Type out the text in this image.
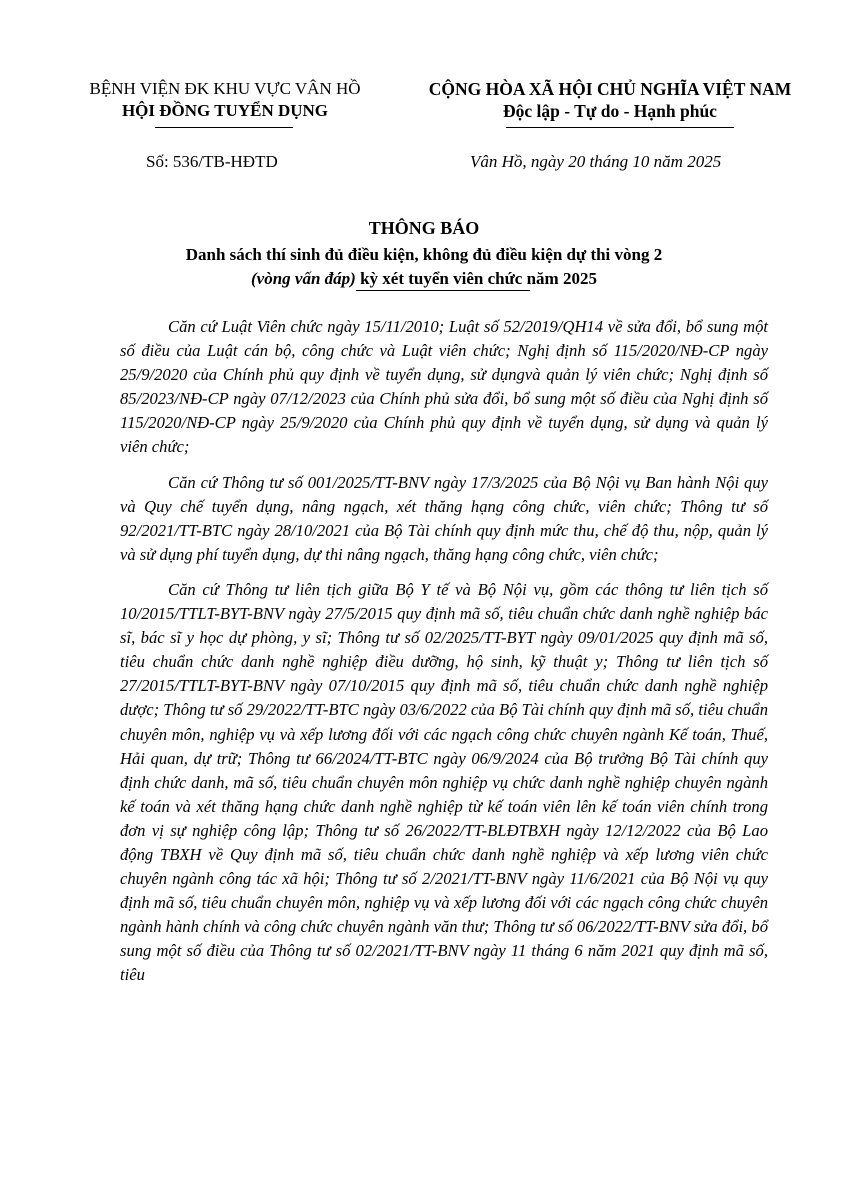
BỆNH VIỆN ĐK KHU VỰC VÂN HỒ
HỘI ĐỒNG TUYỂN DỤNG
CỘNG HÒA XÃ HỘI CHỦ NGHĨA VIỆT NAM
Độc lập - Tự do - Hạnh phúc
Số: 536/TB-HĐTD	Vân Hồ, ngày 20 tháng 10 năm 2025
THÔNG BÁO
Danh sách thí sinh đủ điều kiện, không đủ điều kiện dự thi vòng 2
(vòng vấn đáp) kỳ xét tuyển viên chức năm 2025

Căn cứ Luật Viên chức ngày 15/11/2010; Luật số 52/2019/QH14 về sửa đổi, bổ sung một số điều của Luật cán bộ, công chức và Luật viên chức; Nghị định số 115/2020/NĐ-CP ngày 25/9/2020 của Chính phủ quy định về tuyển dụng, sử dụngvà quản lý viên chức; Nghị định số 85/2023/NĐ-CP ngày 07/12/2023 của Chính phủ sửa đổi, bổ sung một số điều của Nghị định số 115/2020/NĐ-CP ngày 25/9/2020 của Chính phủ quy định về tuyển dụng, sử dụng và quản lý viên chức;

Căn cứ Thông tư số 001/2025/TT-BNV ngày 17/3/2025 của Bộ Nội vụ Ban hành Nội quy và Quy chế tuyển dụng, nâng ngạch, xét thăng hạng công chức, viên chức; Thông tư số 92/2021/TT-BTC ngày 28/10/2021 của Bộ Tài chính quy định mức thu, chế độ thu, nộp, quản lý và sử dụng phí tuyển dụng, dự thi nâng ngạch, thăng hạng công chức, viên chức;

Căn cứ Thông tư liên tịch giữa Bộ Y tế và Bộ Nội vụ, gồm các thông tư liên tịch số 10/2015/TTLT-BYT-BNV ngày 27/5/2015 quy định mã số, tiêu chuẩn chức danh nghề nghiệp bác sĩ, bác sĩ y học dự phòng, y sĩ; Thông tư số 02/2025/TT-BYT ngày 09/01/2025 quy định mã số, tiêu chuẩn chức danh nghề nghiệp điều dưỡng, hộ sinh, kỹ thuật y; Thông tư liên tịch số 27/2015/TTLT-BYT-BNV ngày 07/10/2015 quy định mã số, tiêu chuẩn chức danh nghề nghiệp dược; Thông tư số 29/2022/TT-BTC ngày 03/6/2022 của Bộ Tài chính quy định mã số, tiêu chuẩn chuyên môn, nghiệp vụ và xếp lương đối với các ngạch công chức chuyên ngành Kế toán, Thuế, Hải quan, dự trữ; Thông tư 66/2024/TT-BTC ngày 06/9/2024 của Bộ trưởng Bộ Tài chính quy định chức danh, mã số, tiêu chuẩn chuyên môn nghiệp vụ chức danh nghề nghiệp chuyên ngành kế toán và xét thăng hạng chức danh nghề nghiệp từ kế toán viên lên kế toán viên chính trong đơn vị sự nghiệp công lập; Thông tư số 26/2022/TT-BLĐTBXH ngày 12/12/2022 của Bộ Lao động TBXH về Quy định mã số, tiêu chuẩn chức danh nghề nghiệp và xếp lương viên chức chuyên ngành công tác xã hội; Thông tư số 2/2021/TT-BNV ngày 11/6/2021 của Bộ Nội vụ quy định mã số, tiêu chuẩn chuyên môn, nghiệp vụ và xếp lương đối với các ngạch công chức chuyên ngành hành chính và công chức chuyên ngành văn thư; Thông tư số 06/2022/TT-BNV sửa đổi, bổ sung một số điều của Thông tư số 02/2021/TT-BNV ngày 11 tháng 6 năm 2021 quy định mã số, tiêu
